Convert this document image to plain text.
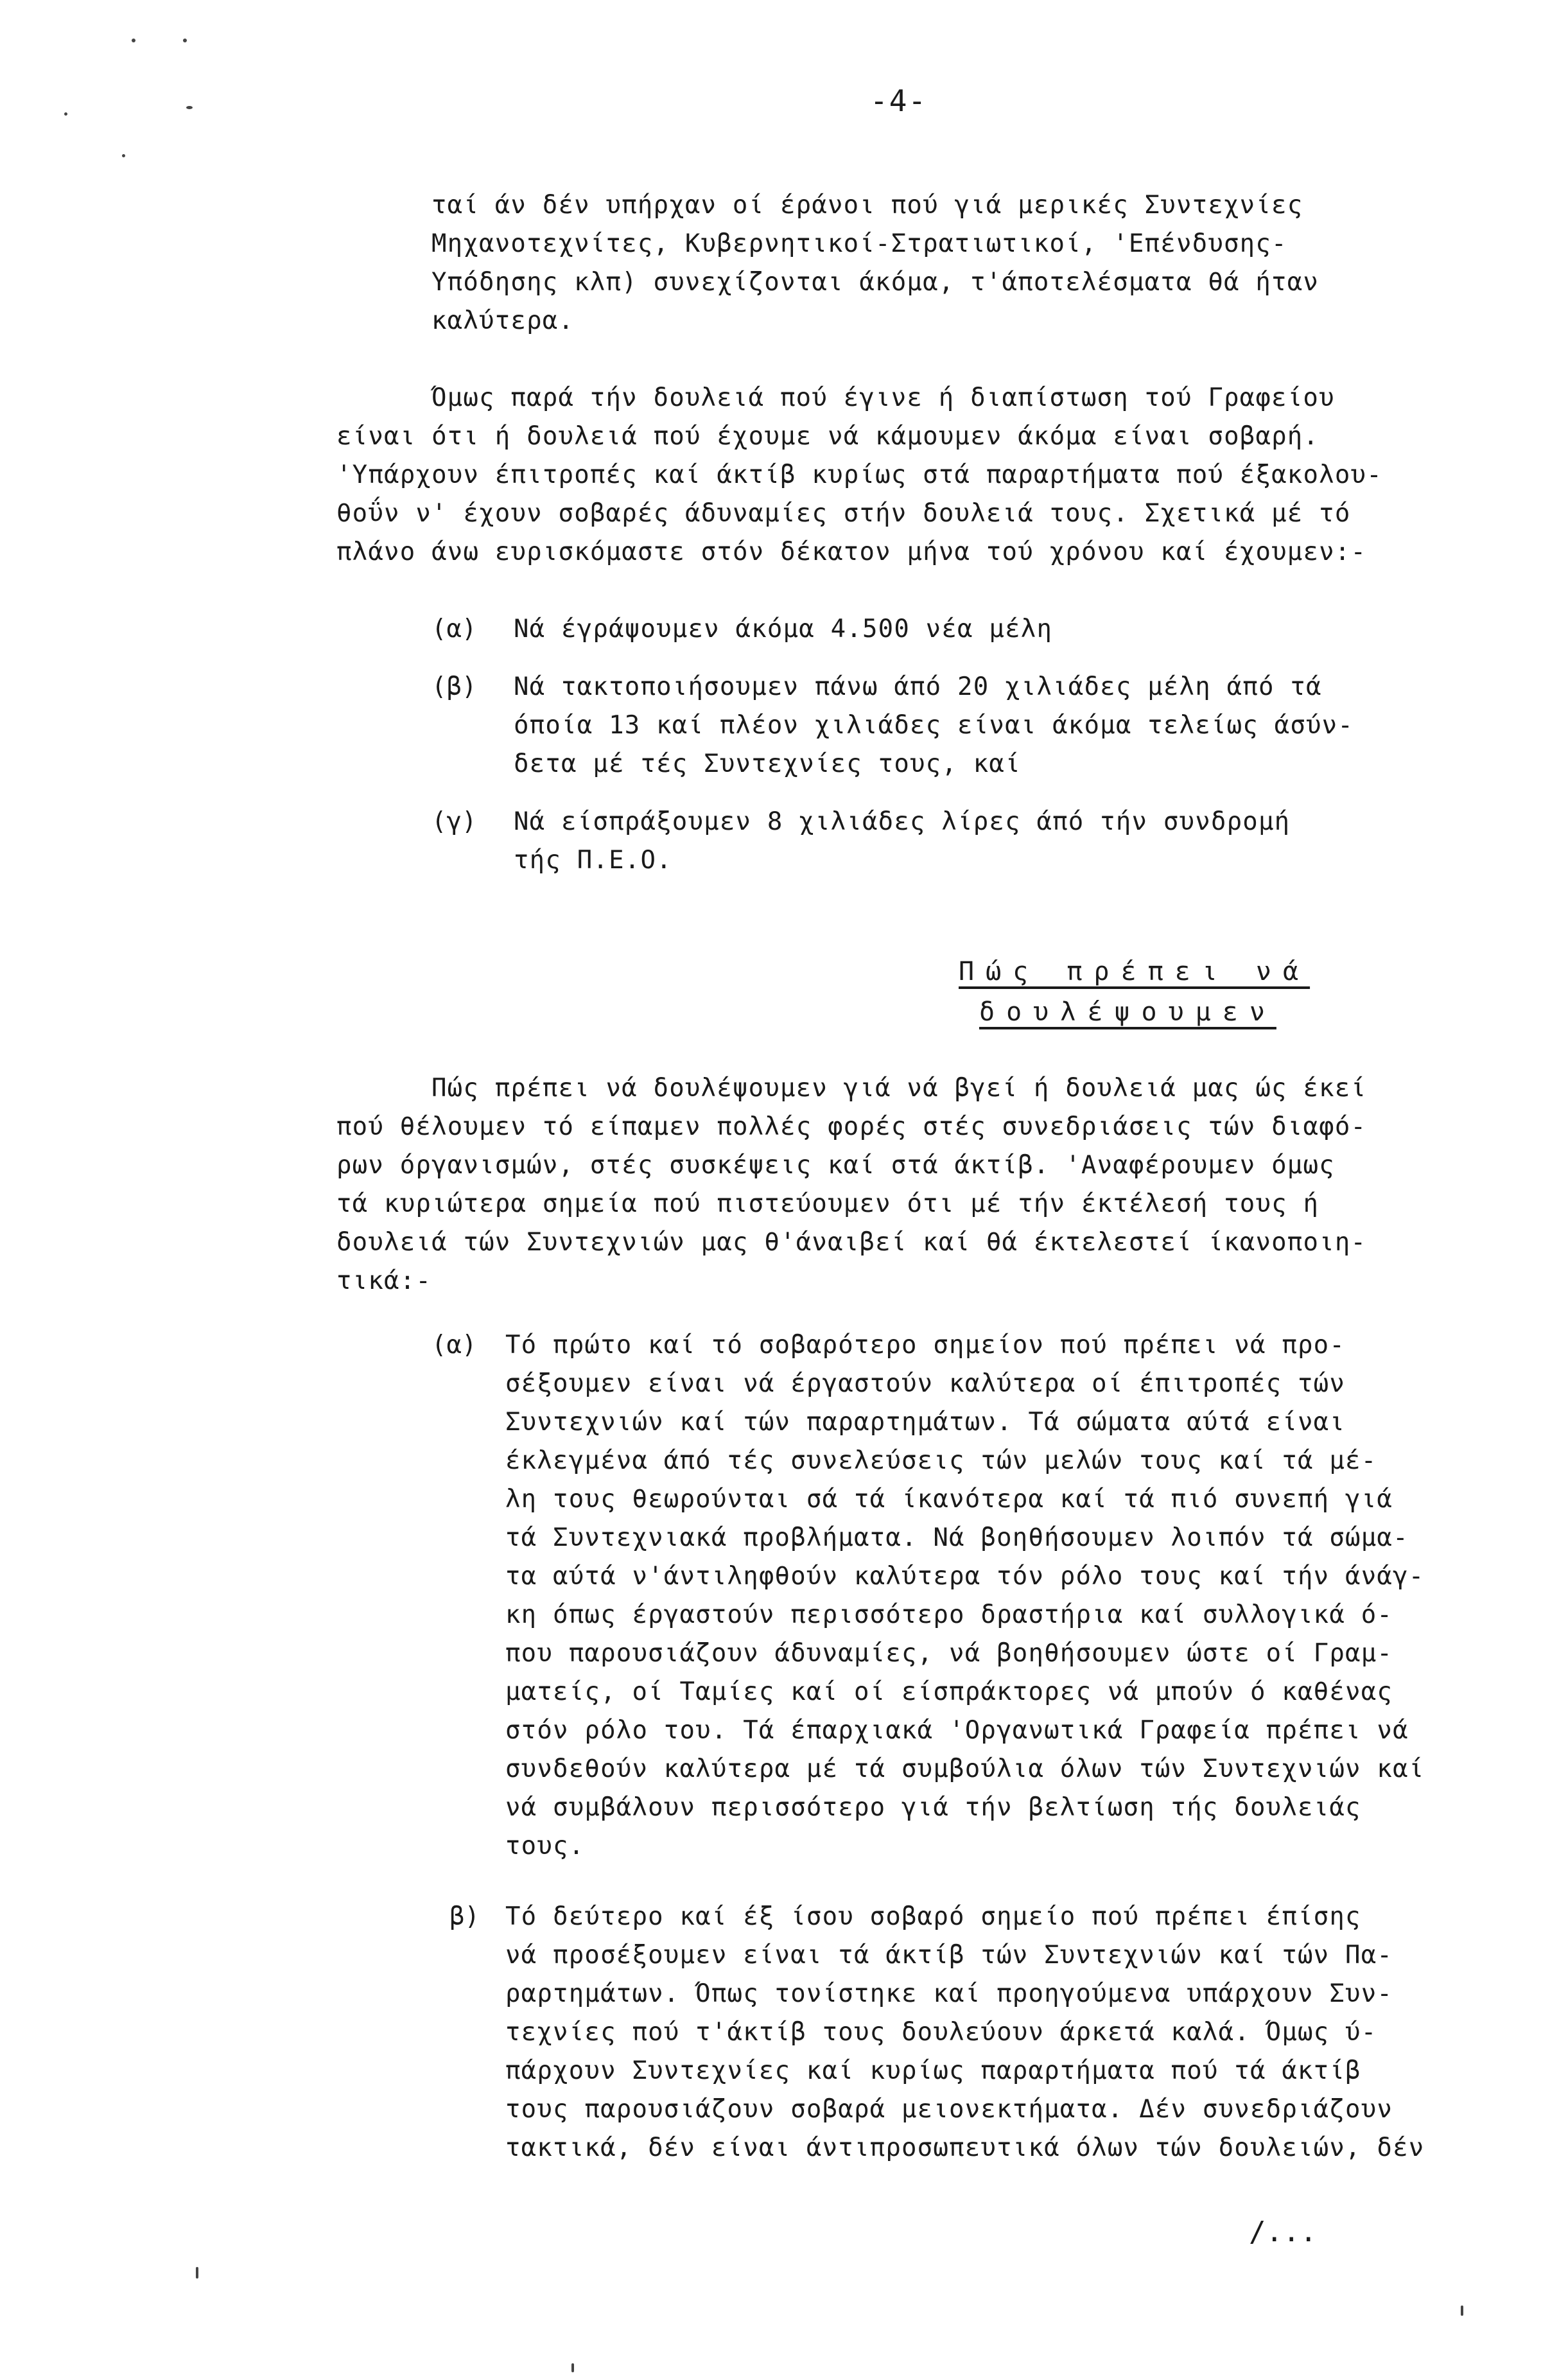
-4-
ταί άν δέν υπήρχαν οί έράνοι πού γιά μερικές Συντεχνίες
Μηχανοτεχνίτες, Κυβερνητικοί-Στρατιωτικοί, 'Επένδυσης-
Υπόδησης κλπ) συνεχίζονται άκόμα, τ'άποτελέσματα θά ήταν
καλύτερα.
Όμως παρά τήν δουλειά πού έγινε ή διαπίστωση τού Γραφείου
είναι ότι ή δουλειά πού έχουμε νά κάμουμεν άκόμα είναι σοβαρή.
'Υπάρχουν έπιτροπές καί άκτίβ κυρίως στά παραρτήματα πού έξακολου-
θοΰν ν' έχουν σοβαρές άδυναμίες στήν δουλειά τους. Σχετικά μέ τό
πλάνο άνω ευρισκόμαστε στόν δέκατον μήνα τού χρόνου καί έχουμεν:-
(α) Νά έγράψουμεν άκόμα 4.500 νέα μέλη
(β) Νά τακτοποιήσουμεν πάνω άπό 20 χιλιάδες μέλη άπό τά
όποία 13 καί πλέον χιλιάδες είναι άκόμα τελείως άσύν-
δετα μέ τές Συντεχνίες τους, καί
(γ) Νά είσπράξουμεν 8 χιλιάδες λίρες άπό τήν συνδρομή
τής Π.Ε.Ο.
Πώς πρέπει νά
δουλέψουμεν
Πώς πρέπει νά δουλέψουμεν γιά νά βγεί ή δουλειά μας ώς έκεί
πού θέλουμεν τό είπαμεν πολλές φορές στές συνεδριάσεις τών διαφό-
ρων όργανισμών, στές συσκέψεις καί στά άκτίβ. 'Αναφέρουμεν όμως
τά κυριώτερα σημεία πού πιστεύουμεν ότι μέ τήν έκτέλεσή τους ή
δουλειά τών Συντεχνιών μας θ'άναιβεί καί θά έκτελεστεί ίκανοποιη-
τικά:-
(α) Τό πρώτο καί τό σοβαρότερο σημείον πού πρέπει νά προ-
σέξουμεν είναι νά έργαστούν καλύτερα οί έπιτροπές τών
Συντεχνιών καί τών παραρτημάτων. Τά σώματα αύτά είναι
έκλεγμένα άπό τές συνελεύσεις τών μελών τους καί τά μέ-
λη τους θεωρούνται σά τά ίκανότερα καί τά πιό συνεπή γιά
τά Συντεχνιακά προβλήματα. Νά βοηθήσουμεν λοιπόν τά σώμα-
τα αύτά ν'άντιληφθούν καλύτερα τόν ρόλο τους καί τήν άνάγ-
κη όπως έργαστούν περισσότερο δραστήρια καί συλλογικά ό-
που παρουσιάζουν άδυναμίες, νά βοηθήσουμεν ώστε οί Γραμ-
ματείς, οί Ταμίες καί οί είσπράκτορες νά μπούν ό καθένας
στόν ρόλο του. Τά έπαρχιακά 'Οργανωτικά Γραφεία πρέπει νά
συνδεθούν καλύτερα μέ τά συμβούλια όλων τών Συντεχνιών καί
νά συμβάλουν περισσότερο γιά τήν βελτίωση τής δουλειάς
τους.
β) Τό δεύτερο καί έξ ίσου σοβαρό σημείο πού πρέπει έπίσης
νά προσέξουμεν είναι τά άκτίβ τών Συντεχνιών καί τών Πα-
ραρτημάτων. Όπως τονίστηκε καί προηγούμενα υπάρχουν Συν-
τεχνίες πού τ'άκτίβ τους δουλεύουν άρκετά καλά. Όμως ύ-
πάρχουν Συντεχνίες καί κυρίως παραρτήματα πού τά άκτίβ
τους παρουσιάζουν σοβαρά μειονεκτήματα. Δέν συνεδριάζουν
τακτικά, δέν είναι άντιπροσωπευτικά όλων τών δουλειών, δέν
/...
